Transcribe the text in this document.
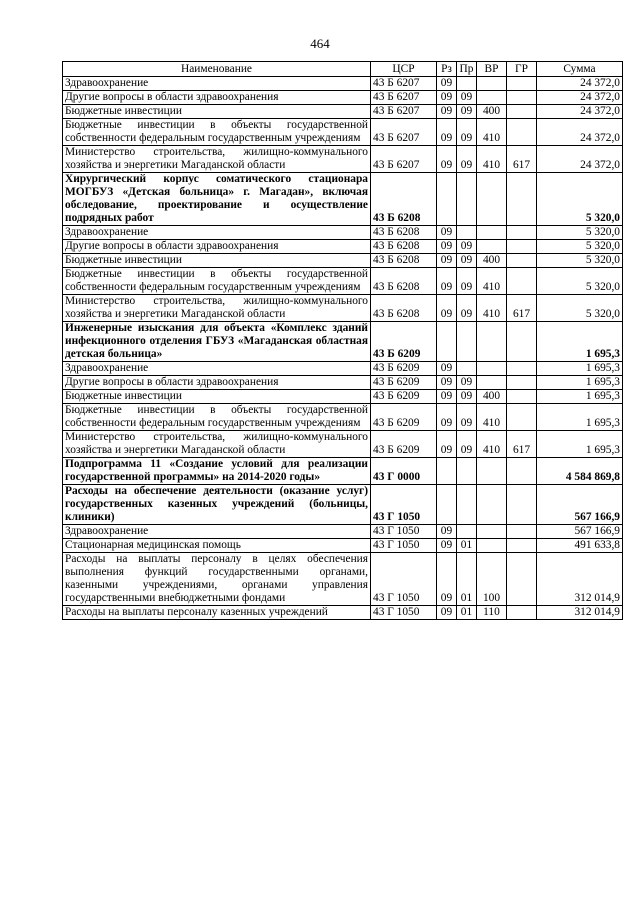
464
Наименование	ЦСР	Рз	Пр	ВР	ГР	Сумма
Здравоохранение	43 Б 6207	09				24 372,0
Другие вопросы в области здравоохранения	43 Б 6207	09	09			24 372,0
Бюджетные инвестиции	43 Б 6207	09	09	400		24 372,0
Бюджетные инвестиции в объекты государственной собственности федеральным государственным учреждениям	43 Б 6207	09	09	410		24 372,0
Министерство строительства, жилищно-коммунального хозяйства и энергетики Магаданской области	43 Б 6207	09	09	410	617	24 372,0
Хирургический корпус соматического стационара МОГБУЗ «Детская больница» г. Магадан», включая обследование, проектирование и осуществление подрядных работ	43 Б 6208					5 320,0
Здравоохранение	43 Б 6208	09				5 320,0
Другие вопросы в области здравоохранения	43 Б 6208	09	09			5 320,0
Бюджетные инвестиции	43 Б 6208	09	09	400		5 320,0
Бюджетные инвестиции в объекты государственной собственности федеральным государственным учреждениям	43 Б 6208	09	09	410		5 320,0
Министерство строительства, жилищно-коммунального хозяйства и энергетики Магаданской области	43 Б 6208	09	09	410	617	5 320,0
Инженерные изыскания для объекта «Комплекс зданий инфекционного отделения ГБУЗ «Магаданская областная детская больница»	43 Б 6209					1 695,3
Здравоохранение	43 Б 6209	09				1 695,3
Другие вопросы в области здравоохранения	43 Б 6209	09	09			1 695,3
Бюджетные инвестиции	43 Б 6209	09	09	400		1 695,3
Бюджетные инвестиции в объекты государственной собственности федеральным государственным учреждениям	43 Б 6209	09	09	410		1 695,3
Министерство строительства, жилищно-коммунального хозяйства и энергетики Магаданской области	43 Б 6209	09	09	410	617	1 695,3
Подпрограмма 11 «Создание условий для реализации государственной программы» на 2014-2020 годы»	43 Г 0000					4 584 869,8
Расходы на обеспечение деятельности (оказание услуг) государственных казенных учреждений (больницы, клиники)	43 Г 1050					567 166,9
Здравоохранение	43 Г 1050	09				567 166,9
Стационарная медицинская помощь	43 Г 1050	09	01			491 633,8
Расходы на выплаты персоналу в целях обеспечения выполнения функций государственными органами, казенными учреждениями, органами управления государственными внебюджетными фондами	43 Г 1050	09	01	100		312 014,9
Расходы на выплаты персоналу казенных учреждений	43 Г 1050	09	01	110		312 014,9
